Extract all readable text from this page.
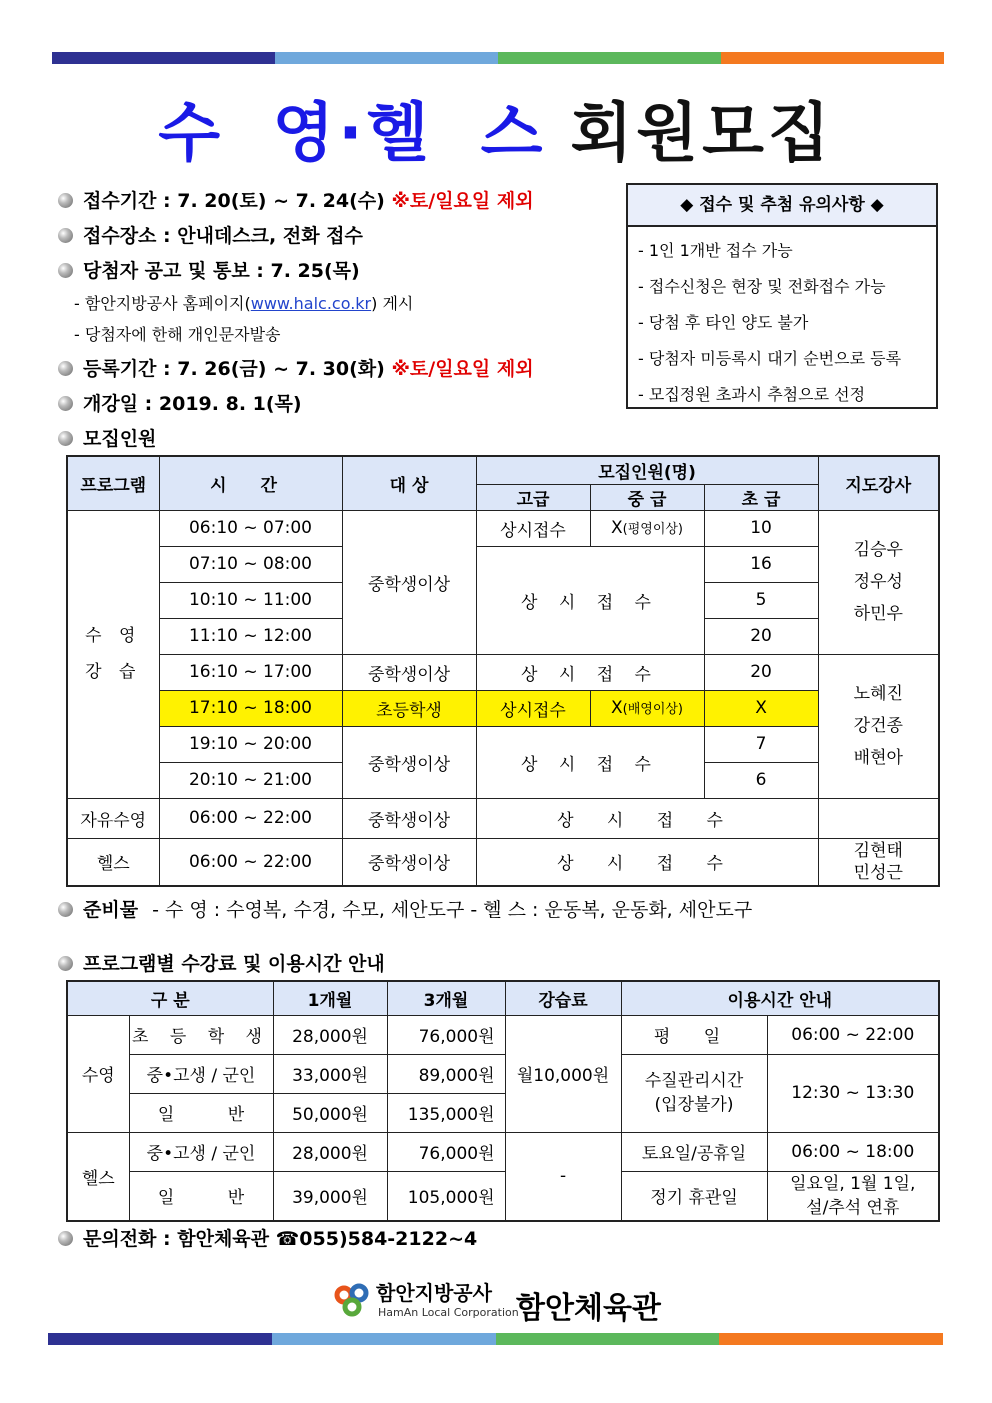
수 영·헬 스 회원모집
접수기간 : 7. 20(토) ~ 7. 24(수) ※토/일요일 제외
접수장소 : 안내데스크, 전화 접수
당첨자 공고 및 통보 : 7. 25(목)
- 함안지방공사 홈페이지(www.halc.co.kr) 게시
- 당첨자에 한해 개인문자발송
등록기간 : 7. 26(금) ~ 7. 30(화) ※토/일요일 제외
개강일 : 2019. 8. 1(목)
모집인원
◆ 접수 및 추첨 유의사항 ◆
- 1인 1개반 접수 가능
- 접수신청은 현장 및 전화접수 가능
- 당첨 후 타인 양도 불가
- 당첨자 미등록시 대기 순번으로 등록
- 모집정원 초과시 추첨으로 선정
프로그램	시 간	대 상	모집인원(명)			지도강사
			고급	중 급	초 급	
수 영
강 습	06:10 ~ 07:00	중학생이상	상시접수	X(평영이상)	10	김승우
정우성
하민우
	07:10 ~ 08:00		상 시 접 수		16	
	10:10 ~ 11:00				5	
	11:10 ~ 12:00				20	
	16:10 ~ 17:00	중학생이상	상 시 접 수		20	노혜진
강건종
배현아
	17:10 ~ 18:00	초등학생	상시접수	X(배영이상)	X	
	19:10 ~ 20:00	중학생이상	상 시 접 수		7	
	20:10 ~ 21:00				6	
자유수영	06:00 ~ 22:00	중학생이상	상 시 접 수			
헬스	06:00 ~ 22:00	중학생이상	상 시 접 수			김현태
민성근
준비물 - 수 영 : 수영복, 수경, 수모, 세안도구 - 헬 스 : 운동복, 운동화, 세안도구
프로그램별 수강료 및 이용시간 안내
구 분		1개월	3개월	강습료	이용시간 안내	
수영	초 등 학 생	28,000원	76,000원	월10,000원	평 일	06:00 ~ 22:00
	중•고생 / 군인	33,000원	89,000원		수질관리시간
(입장불가)	12:30 ~ 13:30
	일 반	50,000원	135,000원			
헬스	중•고생 / 군인	28,000원	76,000원	-	토요일/공휴일	06:00 ~ 18:00
	일 반	39,000원	105,000원		정기 휴관일	일요일, 1월 1일,
설/추석 연휴
문의전화 : 함안체육관 ☎055)584-2122~4
함안지방공사
HamAn Local Corporation
함안체육관
